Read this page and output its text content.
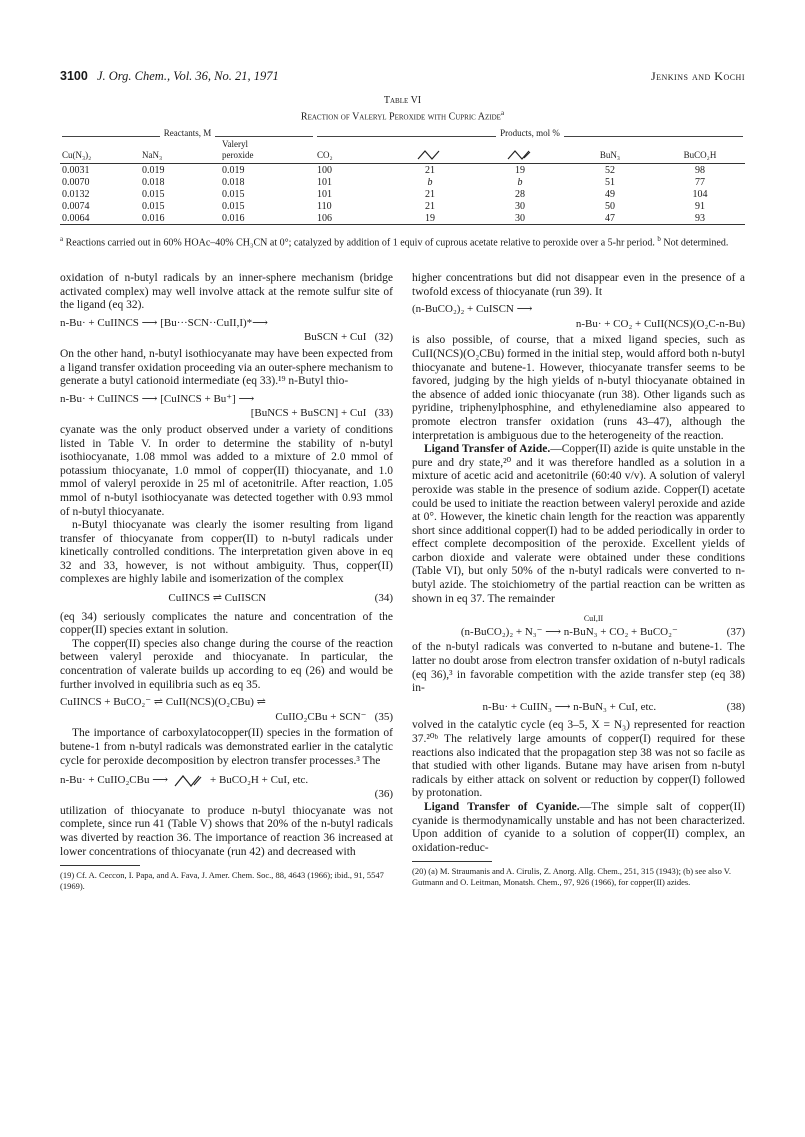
3100 J. Org. Chem., Vol. 36, No. 21, 1971	Jenkins and Kochi
Table VI
Reaction of Valeryl Peroxide with Cupric Azide$^a$
Reactants, M			Products, mol %				

Cu(N₃)₂	NaN₃	Valeryl
peroxide	CO₂			BuN₃	BuCO₂H
0.0031	0.019	0.019	100	21	19	52	98
0.0070	0.018	0.018	101	b	b	51	77
0.0132	0.015	0.015	101	21	28	49	104
0.0074	0.015	0.015	110	21	30	50	91
0.0064	0.016	0.016	106	19	30	47	93
$^a$ Reactions carried out in 60% HOAc–40% CH₃CN at 0°; catalyzed by addition of 1 equiv of cuprous acetate relative to peroxide over a 5-hr period. $^b$ Not determined.

oxidation of n-butyl radicals by an inner-sphere mechanism (bridge activated complex) may well involve attack at the remote sulfur site of the ligand (eq 32).

n-Bu· + CuIINCS ⟶ [Bu···SCN··CuII,I)*⟶
BuSCN + CuI (32)

On the other hand, n-butyl isothiocyanate may have been expected from a ligand transfer oxidation proceeding via an outer-sphere mechanism to generate a butyl cationoid intermediate (eq 33).¹⁹ n-Butyl thio-

n-Bu· + CuIINCS ⟶ [CuINCS + Bu⁺] ⟶
[BuNCS + BuSCN] + CuI (33)

cyanate was the only product observed under a variety of conditions listed in Table V. In order to determine the stability of n-butyl isothiocyanate, 1.08 mmol was added to a mixture of 2.0 mmol of potassium thiocyanate, 1.0 mmol of copper(II) thiocyanate, and 1.0 mmol of valeryl peroxide in 25 ml of acetonitrile. After reaction, 1.05 mmol of n-butyl isothiocyanate was detected together with 0.93 mmol of n-butyl thiocyanate.

n-Butyl thiocyanate was clearly the isomer resulting from ligand transfer of thiocyanate from copper(II) to n-butyl radicals under kinetically controlled conditions. The interpretation given above in eq 32 and 33, however, is not without ambiguity. Thus, copper(II) complexes are highly labile and isomerization of the complex

CuIINCS ⇌ CuIISCN	(34)

(eq 34) seriously complicates the nature and concentration of the copper(II) species extant in solution.

The copper(II) species also change during the course of the reaction between valeryl peroxide and thiocyanate. In particular, the concentration of valerate builds up according to eq (26) and would be further involved in equilibria such as eq 35.

CuIINCS + BuCO₂⁻ ⇌ CuII(NCS)(O₂CBu) ⇌
CuIIO₂CBu + SCN⁻ (35)

The importance of carboxylatocopper(II) species in the formation of butene-1 from n-butyl radicals was demonstrated earlier in the catalytic cycle for peroxide decomposition by electron transfer processes.³ The

n-Bu· + CuIIO₂CBu ⟶	+ BuCO₂H + CuI, etc.
(36)

utilization of thiocyanate to produce n-butyl thiocyanate was not complete, since run 41 (Table V) shows that 20% of the n-butyl radicals was diverted by reaction 36. The importance of reaction 36 increased at lower concentrations of thiocyanate (run 42) and decreased with

(19) Cf. A. Ceccon, I. Papa, and A. Fava, J. Amer. Chem. Soc., 88, 4643 (1966); ibid., 91, 5547 (1969).

higher concentrations but did not disappear even in the presence of a twofold excess of thiocyanate (run 39). It

(n-BuCO₂)₂ + CuISCN ⟶
n-Bu· + CO₂ + CuII(NCS)(O₂C-n-Bu)

is also possible, of course, that a mixed ligand species, such as CuII(NCS)(O₂CBu) formed in the initial step, would afford both n-butyl thiocyanate and butene-1. However, thiocyanate transfer seems to be favored, judging by the high yields of n-butyl thiocyanate obtained in the absence of added ionic thiocyanate (run 38). Other ligands such as pyridine, triphenylphosphine, and ethylenediamine also appeared to promote electron transfer oxidation (runs 43–47), although the interpretation is ambiguous due to the heterogeneity of the reaction.

Ligand Transfer of Azide.—Copper(II) azide is quite unstable in the pure and dry state,²⁰ and it was therefore handled as a solution in a mixture of acetic acid and acetonitrile (60:40 v/v). A solution of valeryl peroxide was stable in the presence of sodium azide. Copper(I) acetate could be used to initiate the reaction between valeryl peroxide and azide at 0°. However, the kinetic chain length for the reaction was apparently short since additional copper(I) had to be added periodically in order to effect complete decomposition of the peroxide. Excellent yields of carbon dioxide and valerate were obtained under these conditions (Table VI), but only 50% of the n-butyl radicals were converted to n-butyl azide. The stoichiometry of the partial reaction can be written as shown in eq 37. The remainder

CuI,II
(n-BuCO₂)₂ + N₃⁻ ⟶ n-BuN₃ + CO₂ + BuCO₂⁻	(37)

of the n-butyl radicals was converted to n-butane and butene-1. The latter no doubt arose from electron transfer oxidation of n-butyl radicals (eq 36),³ in favorable competition with the azide transfer step (eq 38) in-

n-Bu· + CuIIN₃ ⟶ n-BuN₃ + CuI, etc.	(38)

volved in the catalytic cycle (eq 3–5, X = N₃) represented for reaction 37.²⁰ᵇ The relatively large amounts of copper(I) required for these reactions also indicated that the propagation step 38 was not so facile as that studied with other ligands. Butane may have arisen from n-butyl radicals by either attack on solvent or reduction by copper(I) followed by protonation.

Ligand Transfer of Cyanide.—The simple salt of copper(II) cyanide is thermodynamically unstable and has not been characterized. Upon addition of cyanide to a solution of copper(II) complex, an oxidation-reduc-

(20) (a) M. Straumanis and A. Cirulis, Z. Anorg. Allg. Chem., 251, 315 (1943); (b) see also V. Gutmann and O. Leitman, Monatsh. Chem., 97, 926 (1966), for copper(II) azides.
